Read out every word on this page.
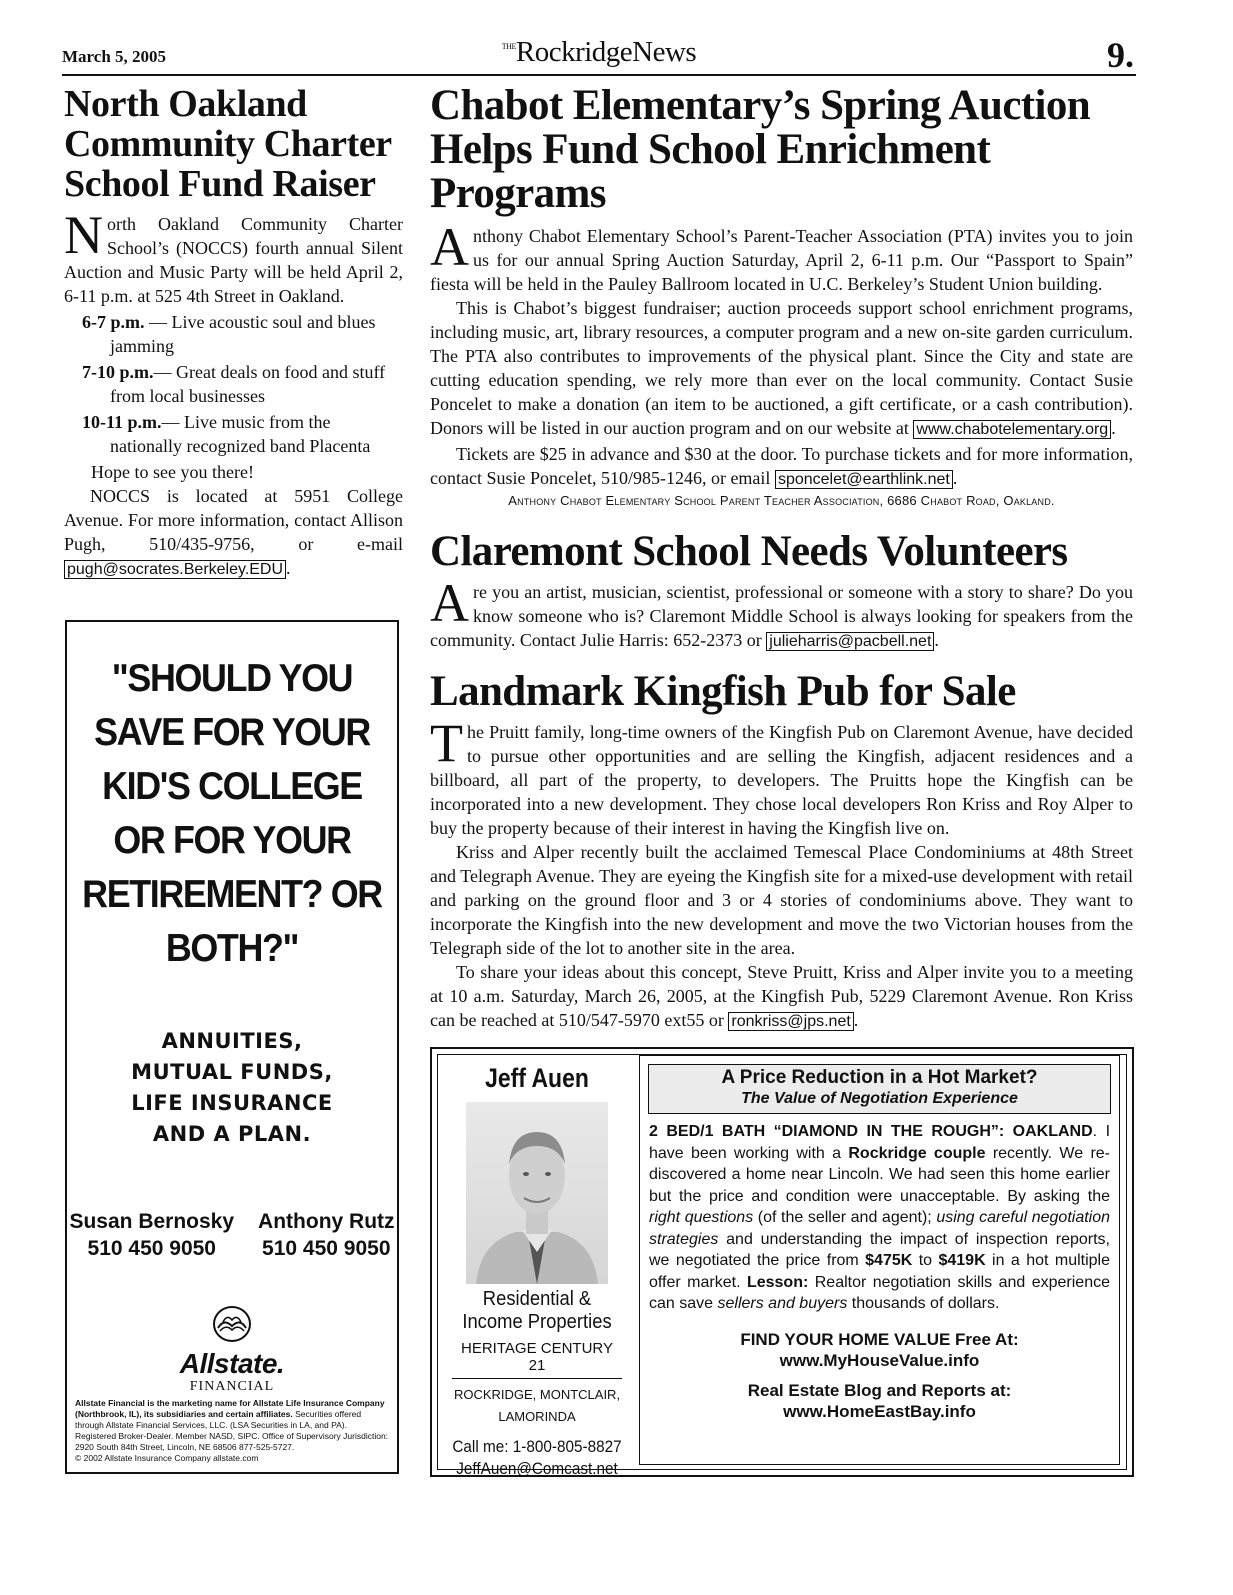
March 5, 2005
$^{THE}$RockridgeNews	9.
North Oakland Community Charter School Fund Raiser

North Oakland Community Charter School’s (NOCCS) fourth annual Silent Auction and Music Party will be held April 2, 6-11 p.m. at 525 4th Street in Oakland.

6-7 p.m. — Live acoustic soul and blues jamming
7-10 p.m.— Great deals on food and stuff from local businesses
10-11 p.m.— Live music from the nationally recognized band Placenta

Hope to see you there!

NOCCS is located at 5951 College Avenue. For more information, contact Allison Pugh, 510/435-9756, or e-mail pugh@socrates.Berkeley.EDU .

"SHOULD YOU SAVE FOR YOUR KID'S COLLEGE OR FOR YOUR RETIREMENT? OR BOTH?"
ANNUITIES,
MUTUAL FUNDS,
LIFE INSURANCE
AND A PLAN.
Susan Bernosky
510 450 9050
Anthony Rutz
510 450 9050
Allstate.
FINANCIAL
Allstate Financial is the marketing name for Allstate Life Insurance Company (Northbrook, IL), its subsidiaries and certain affiliates. Securities offered through Allstate Financial Services, LLC. (LSA Securities in LA, and PA). Registered Broker-Dealer. Member NASD, SIPC. Office of Supervisory Jurisdiction: 2920 South 84th Street, Lincoln, NE 68506 877-525-5727.
© 2002 Allstate Insurance Company allstate.com
Chabot Elementary’s Spring Auction Helps Fund School Enrichment Programs

Anthony Chabot Elementary School’s Parent-Teacher Association (PTA) invites you to join us for our annual Spring Auction Saturday, April 2, 6-11 p.m. Our “Passport to Spain” fiesta will be held in the Pauley Ballroom located in U.C. Berkeley’s Student Union building.

This is Chabot’s biggest fundraiser; auction proceeds support school enrichment programs, including music, art, library resources, a computer program and a new on-site garden curriculum. The PTA also contributes to improvements of the physical plant. Since the City and state are cutting education spending, we rely more than ever on the local community. Contact Susie Poncelet to make a donation (an item to be auctioned, a gift certificate, or a cash contribution). Donors will be listed in our auction program and on our website at www.chabotelementary.org .

Tickets are $25 in advance and $30 at the door. To purchase tickets and for more information, contact Susie Poncelet, 510/985-1246, or email sponcelet@earthlink.net .

Anthony Chabot Elementary School Parent Teacher Association, 6686 Chabot Road, Oakland.
Claremont School Needs Volunteers

Are you an artist, musician, scientist, professional or someone with a story to share? Do you know someone who is? Claremont Middle School is always looking for speakers from the community. Contact Julie Harris: 652-2373 or julieharris@pacbell.net .

Landmark Kingfish Pub for Sale

The Pruitt family, long-time owners of the Kingfish Pub on Claremont Avenue, have decided to pursue other opportunities and are selling the Kingfish, adjacent residences and a billboard, all part of the property, to developers. The Pruitts hope the Kingfish can be incorporated into a new development. They chose local developers Ron Kriss and Roy Alper to buy the property because of their interest in having the Kingfish live on.

Kriss and Alper recently built the acclaimed Temescal Place Condominiums at 48th Street and Telegraph Avenue. They are eyeing the Kingfish site for a mixed-use development with retail and parking on the ground floor and 3 or 4 stories of condominiums above. They want to incorporate the Kingfish into the new development and move the two Victorian houses from the Telegraph side of the lot to another site in the area.

To share your ideas about this concept, Steve Pruitt, Kriss and Alper invite you to a meeting at 10 a.m. Saturday, March 26, 2005, at the Kingfish Pub, 5229 Claremont Avenue. Ron Kriss can be reached at 510/547-5970 ext55 or ronkriss@jps.net .

Jeff Auen
Residential &
Income Properties
HERITAGE CENTURY 21
ROCKRIDGE, MONTCLAIR,
LAMORINDA
Call me: 1-800-805-8827
JeffAuen@Comcast.net
A Price Reduction in a Hot Market?
The Value of Negotiation Experience
2 BED/1 BATH “DIAMOND IN THE ROUGH”: OAKLAND. I have been working with a Rockridge couple recently. We re-discovered a home near Lincoln. We had seen this home earlier but the price and condition were unacceptable. By asking the right questions (of the seller and agent); using careful negotiation strategies and understanding the impact of inspection reports, we negotiated the price from $475K to $419K in a hot multiple offer market. Lesson: Realtor negotiation skills and experience can save sellers and buyers thousands of dollars.
FIND YOUR HOME VALUE Free At:
www.MyHouseValue.info
Real Estate Blog and Reports at:
www.HomeEastBay.info
